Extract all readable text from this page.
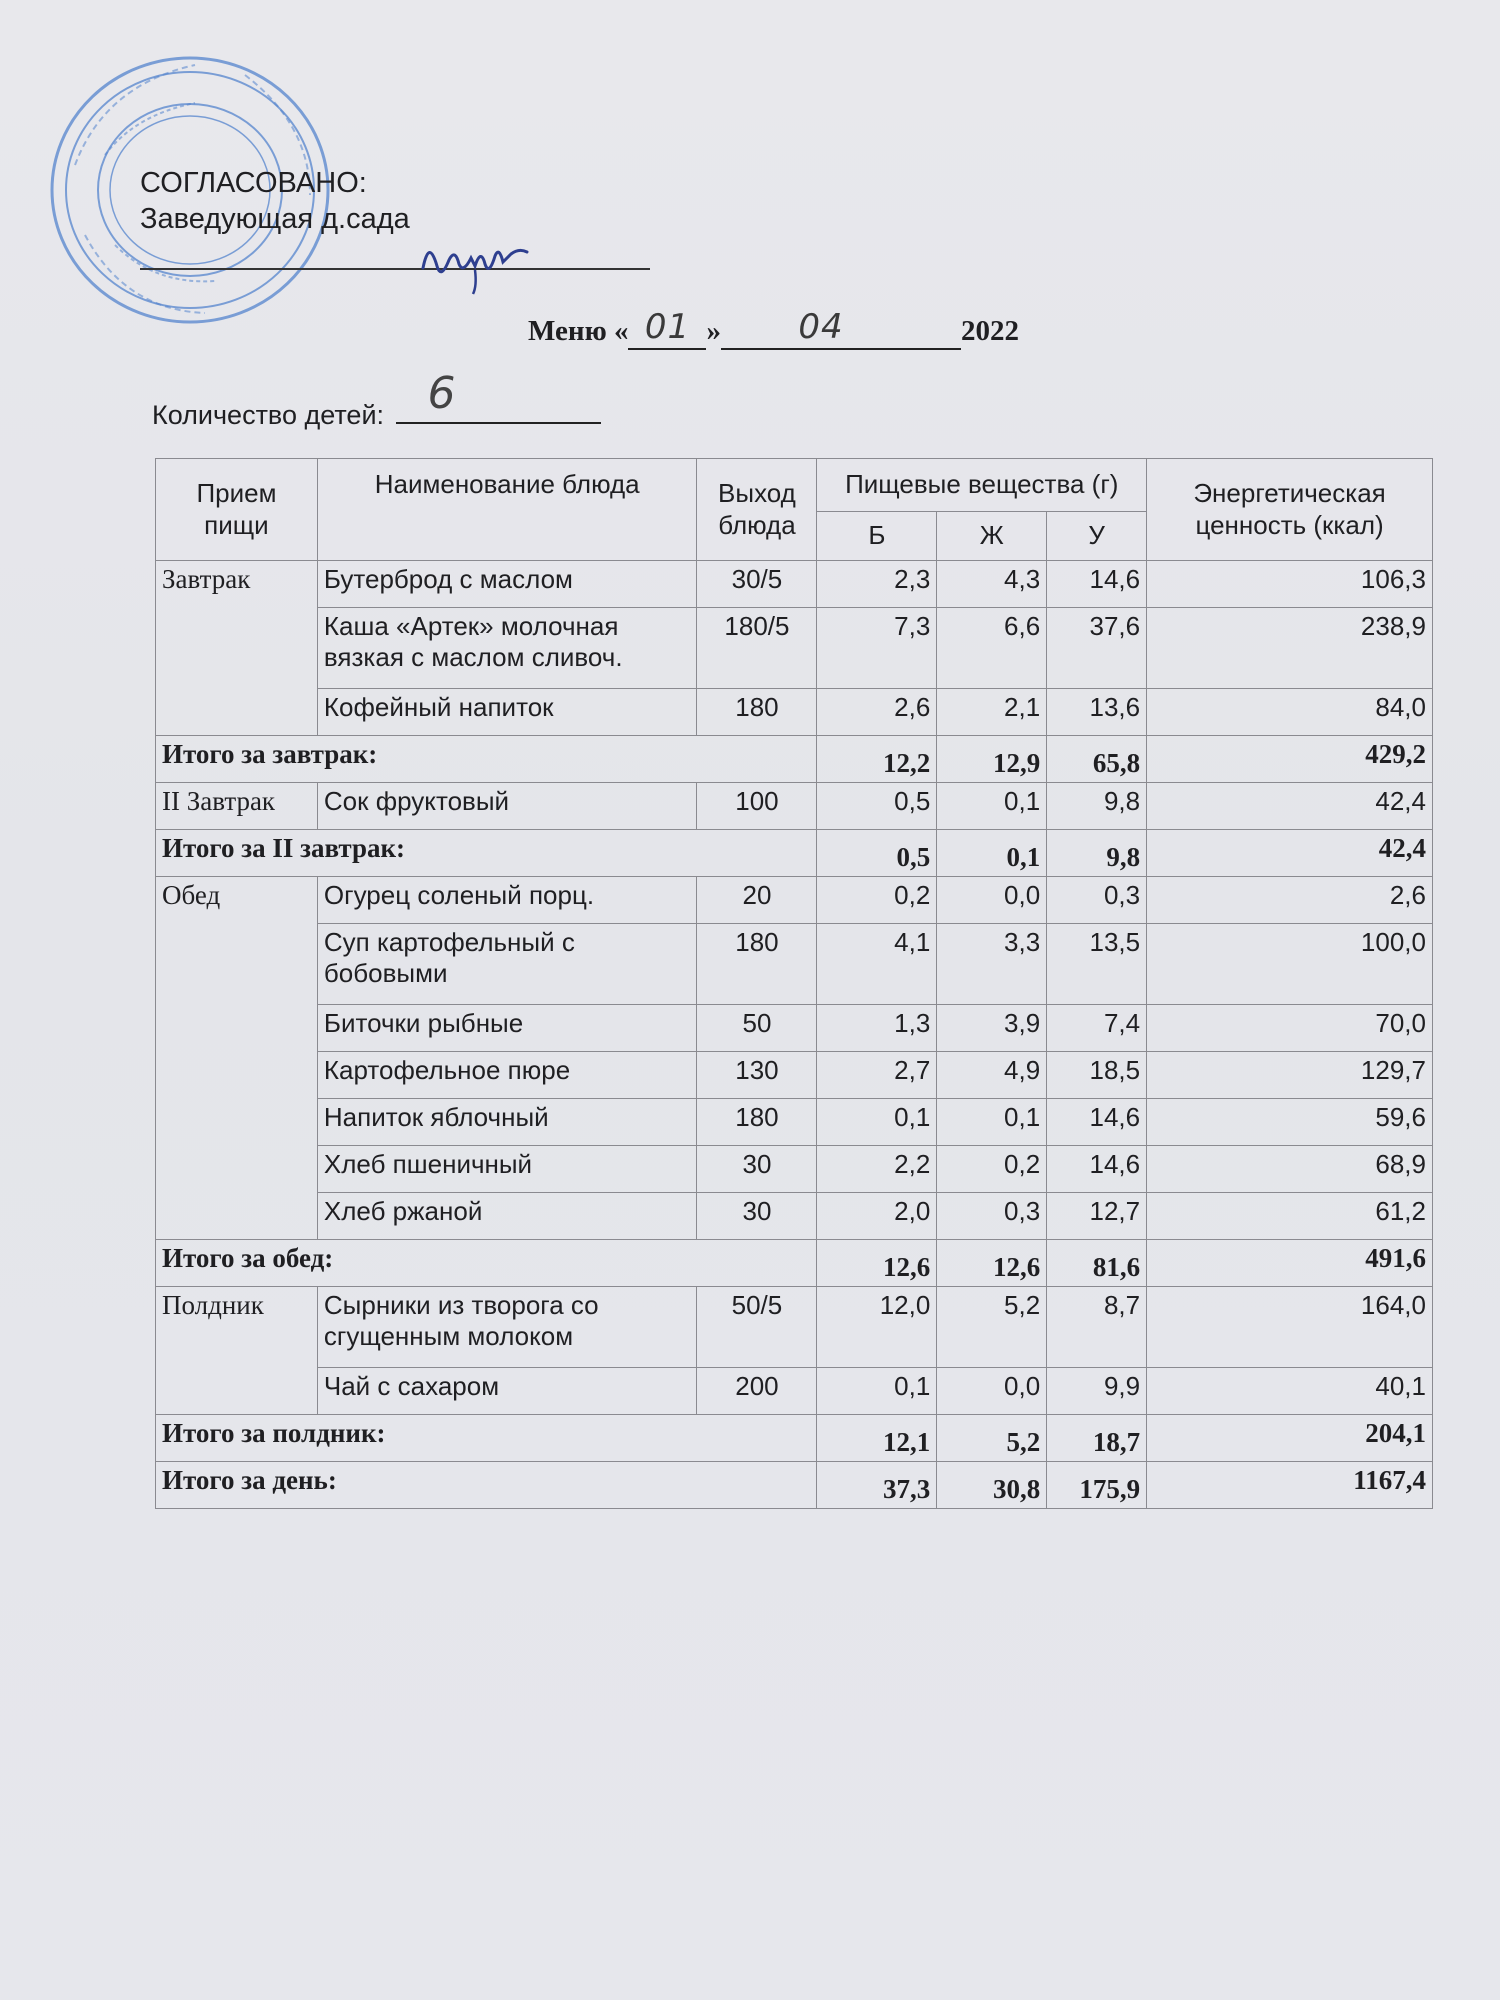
СОГЛАСОВАНО:
Заведующая д.сада
Меню « 01 »	04	2022
Количество детей: 6
Прием пищи	Наименование блюда	Выход блюда	Пищевые вещества (г)			Энергетическая ценность (ккал)
			Б	Ж	У	
Завтрак	Бутерброд с маслом	30/5	2,3	4,3	14,6	106,3
	Каша «Артек» молочная вязкая с маслом сливоч.	180/5	7,3	6,6	37,6	238,9
	Кофейный напиток	180	2,6	2,1	13,6	84,0
Итого за завтрак:			12,2	12,9	65,8	429,2
II Завтрак	Сок фруктовый	100	0,5	0,1	9,8	42,4
Итого за II завтрак:			0,5	0,1	9,8	42,4
Обед	Огурец соленый порц.	20	0,2	0,0	0,3	2,6
	Суп картофельный с бобовыми	180	4,1	3,3	13,5	100,0
	Биточки рыбные	50	1,3	3,9	7,4	70,0
	Картофельное пюре	130	2,7	4,9	18,5	129,7
	Напиток яблочный	180	0,1	0,1	14,6	59,6
	Хлеб пшеничный	30	2,2	0,2	14,6	68,9
	Хлеб ржаной	30	2,0	0,3	12,7	61,2
Итого за обед:			12,6	12,6	81,6	491,6
Полдник	Сырники из творога со сгущенным молоком	50/5	12,0	5,2	8,7	164,0
	Чай с сахаром	200	0,1	0,0	9,9	40,1
Итого за полдник:			12,1	5,2	18,7	204,1
Итого за день:			37,3	30,8	175,9	1167,4
